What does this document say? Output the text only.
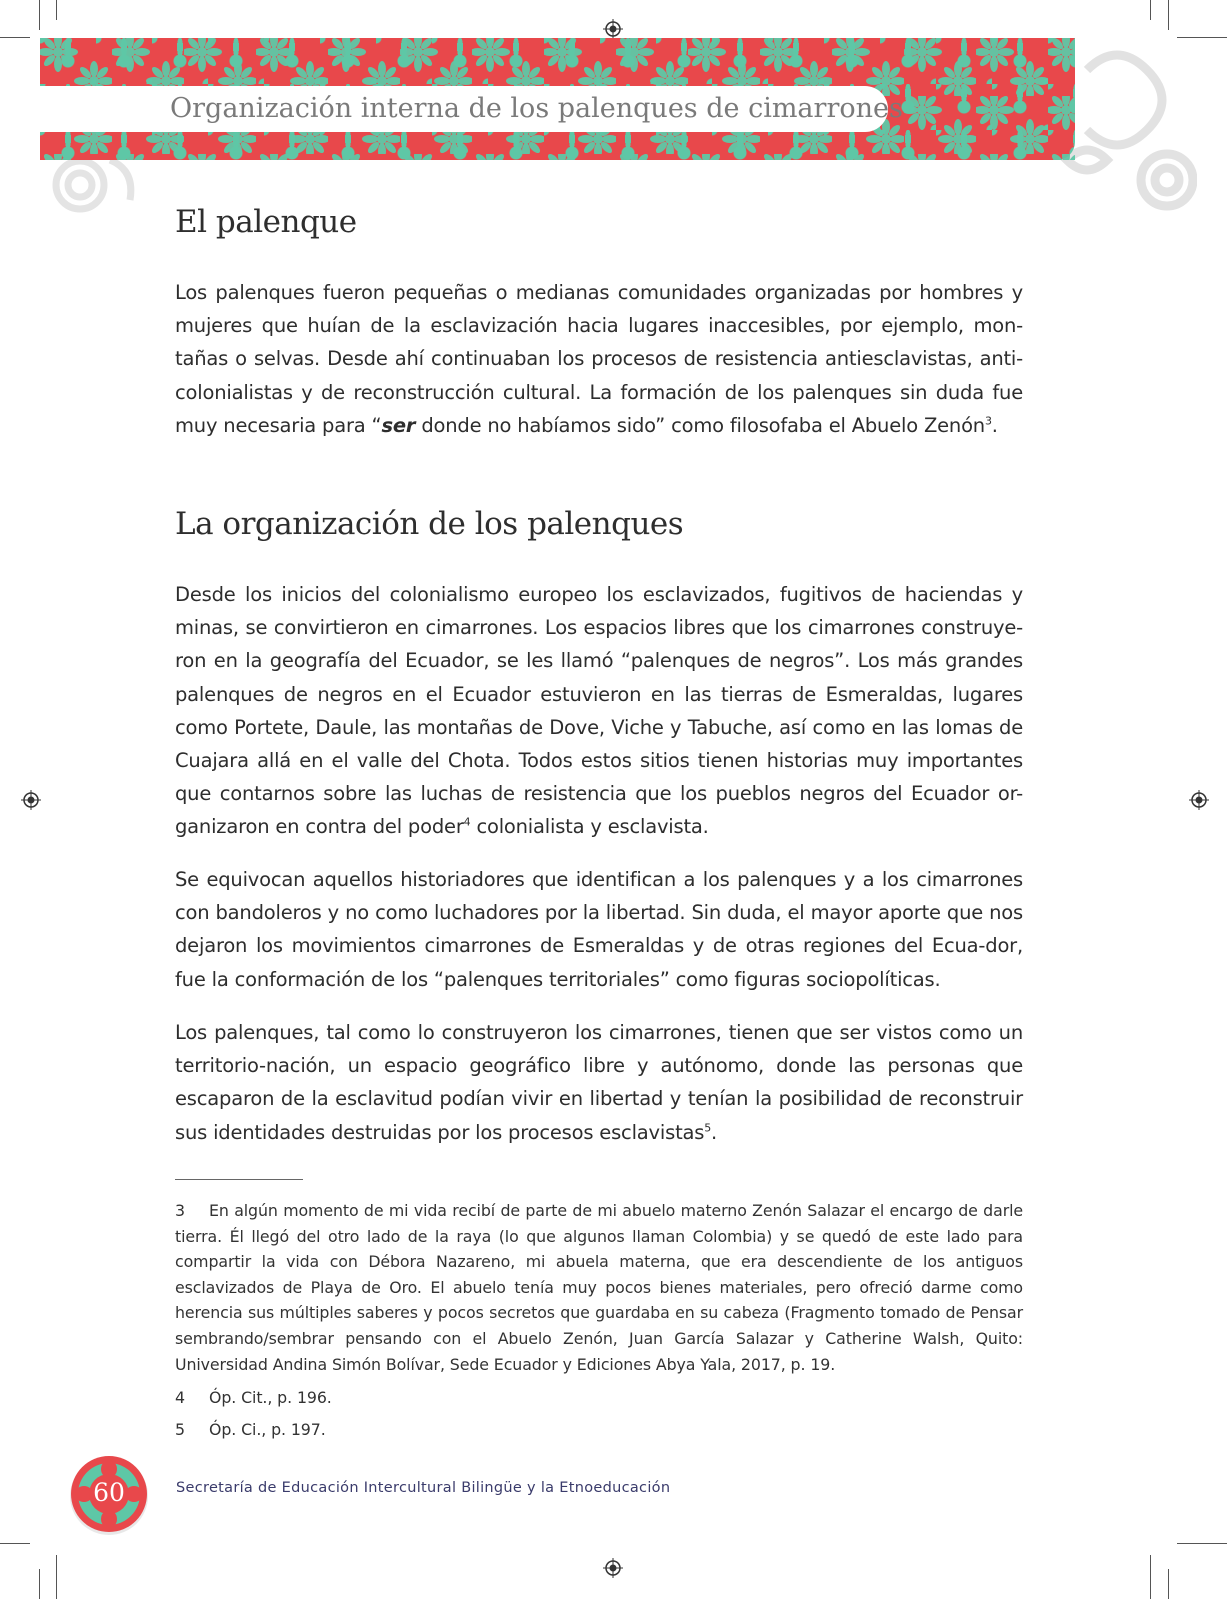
Organización interna de los palenques de cimarrones
El palenque

Los palenques fueron pequeñas o medianas comunidades organizadas por hombres y mujeres que huían de la esclavización hacia lugares inaccesibles, por ejemplo, mon-tañas o selvas. Desde ahí continuaban los procesos de resistencia antiesclavistas, anti-colonialistas y de reconstrucción cultural. La formación de los palenques sin duda fue muy necesaria para “ser donde no habíamos sido” como filosofaba el Abuelo Zenón$^3$.

La organización de los palenques

Desde los inicios del colonialismo europeo los esclavizados, fugitivos de haciendas y minas, se convirtieron en cimarrones. Los espacios libres que los cimarrones construye-ron en la geografía del Ecuador, se les llamó “palenques de negros”. Los más grandes palenques de negros en el Ecuador estuvieron en las tierras de Esmeraldas, lugares como Portete, Daule, las montañas de Dove, Viche y Tabuche, así como en las lomas de Cuajara allá en el valle del Chota. Todos estos sitios tienen historias muy importantes que contarnos sobre las luchas de resistencia que los pueblos negros del Ecuador or-ganizaron en contra del poder$^4$ colonialista y esclavista.

Se equivocan aquellos historiadores que identifican a los palenques y a los cimarrones con bandoleros y no como luchadores por la libertad. Sin duda, el mayor aporte que nos dejaron los movimientos cimarrones de Esmeraldas y de otras regiones del Ecua-dor, fue la conformación de los “palenques territoriales” como figuras sociopolíticas.

Los palenques, tal como lo construyeron los cimarrones, tienen que ser vistos como un territorio-nación, un espacio geográfico libre y autónomo, donde las personas que escaparon de la esclavitud podían vivir en libertad y tenían la posibilidad de reconstruir sus identidades destruidas por los procesos esclavistas$^5$.

3 En algún momento de mi vida recibí de parte de mi abuelo materno Zenón Salazar el encargo de darle tierra. Él llegó del otro lado de la raya (lo que algunos llaman Colombia) y se quedó de este lado para compartir la vida con Débora Nazareno, mi abuela materna, que era descendiente de los antiguos esclavizados de Playa de Oro. El abuelo tenía muy pocos bienes materiales, pero ofreció darme como herencia sus múltiples saberes y pocos secretos que guardaba en su cabeza (Fragmento tomado de Pensar sembrando/sembrar pensando con el Abuelo Zenón, Juan García Salazar y Catherine Walsh, Quito: Universidad Andina Simón Bolívar, Sede Ecuador y Ediciones Abya Yala, 2017, p. 19.
4 Óp. Cit., p. 196.
5 Óp. Ci., p. 197.
60	Secretaría de Educación Intercultural Bilingüe y la Etnoeducación
